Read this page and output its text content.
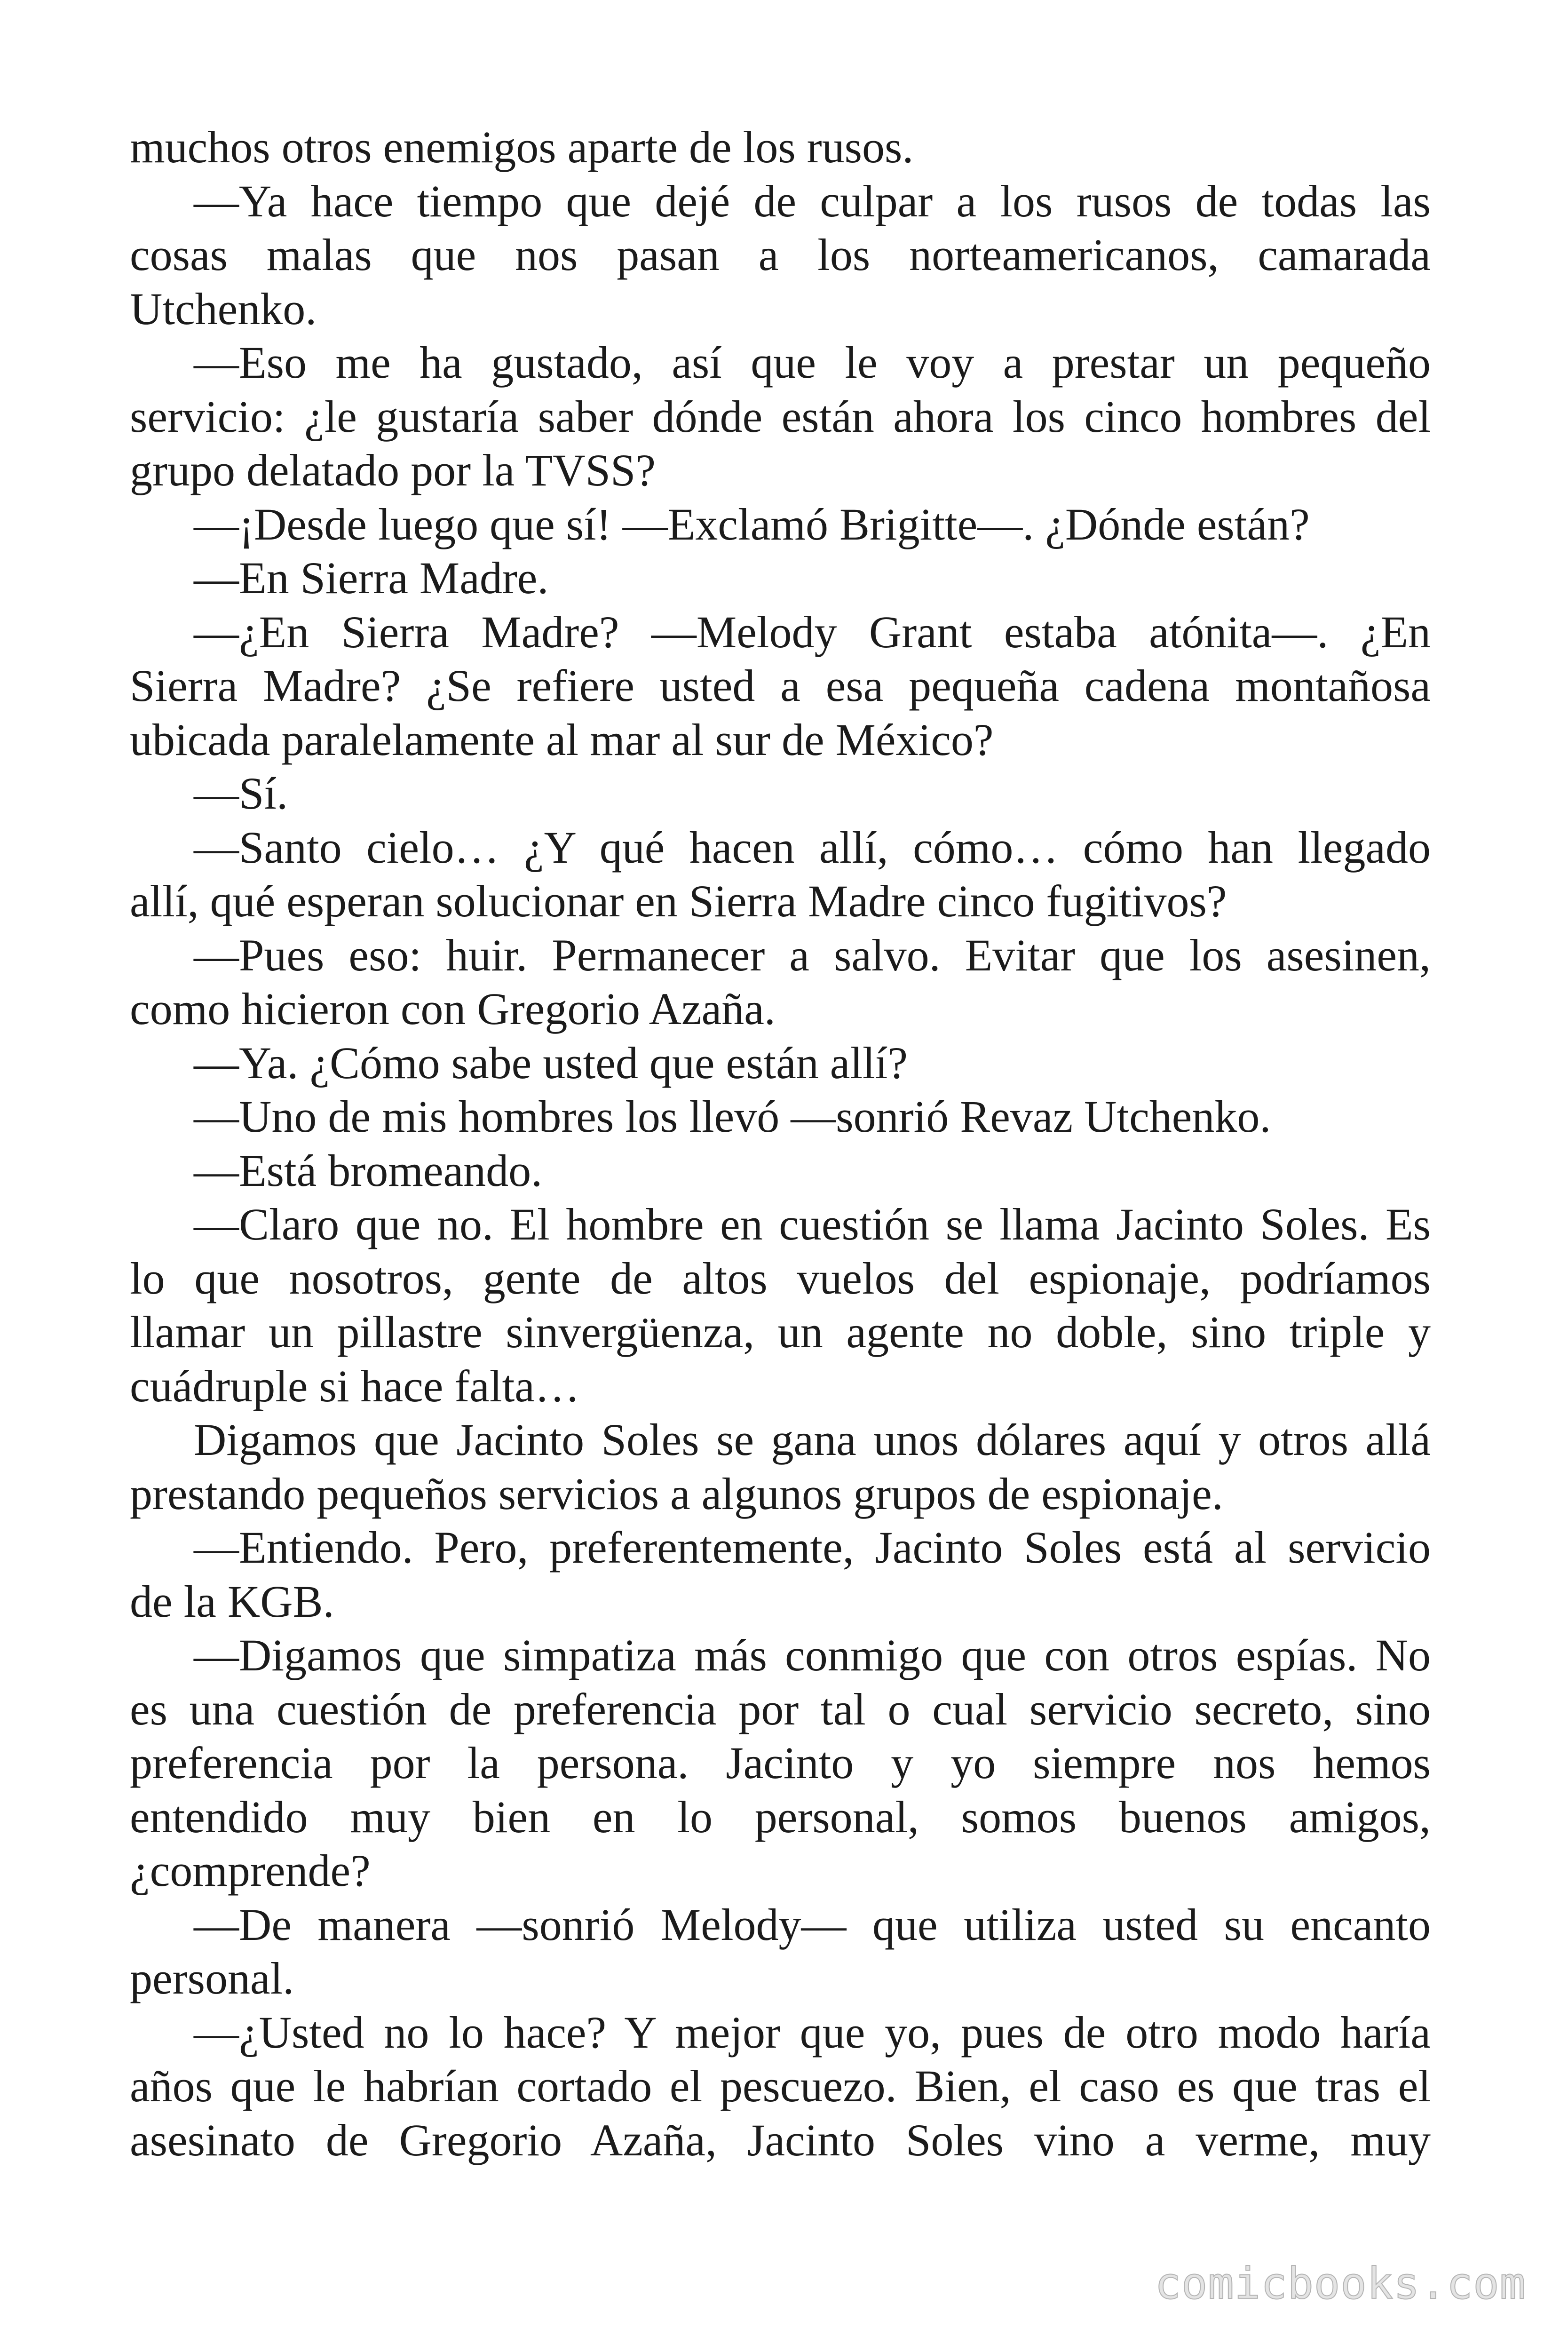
muchos otros enemigos aparte de los rusos.
—Ya hace tiempo que dejé de culpar a los rusos de todas las
cosas malas que nos pasan a los norteamericanos, camarada
Utchenko.
—Eso me ha gustado, así que le voy a prestar un pequeño
servicio: ¿le gustaría saber dónde están ahora los cinco hombres del
grupo delatado por la TVSS?
—¡Desde luego que sí! —Exclamó Brigitte—. ¿Dónde están?
—En Sierra Madre.
—¿En Sierra Madre? —Melody Grant estaba atónita—. ¿En
Sierra Madre? ¿Se refiere usted a esa pequeña cadena montañosa
ubicada paralelamente al mar al sur de México?
—Sí.
—Santo cielo… ¿Y qué hacen allí, cómo… cómo han llegado
allí, qué esperan solucionar en Sierra Madre cinco fugitivos?
—Pues eso: huir. Permanecer a salvo. Evitar que los asesinen,
como hicieron con Gregorio Azaña.
—Ya. ¿Cómo sabe usted que están allí?
—Uno de mis hombres los llevó —sonrió Revaz Utchenko.
—Está bromeando.
—Claro que no. El hombre en cuestión se llama Jacinto Soles. Es
lo que nosotros, gente de altos vuelos del espionaje, podríamos
llamar un pillastre sinvergüenza, un agente no doble, sino triple y
cuádruple si hace falta…
Digamos que Jacinto Soles se gana unos dólares aquí y otros allá
prestando pequeños servicios a algunos grupos de espionaje.
—Entiendo. Pero, preferentemente, Jacinto Soles está al servicio
de la KGB.
—Digamos que simpatiza más conmigo que con otros espías. No
es una cuestión de preferencia por tal o cual servicio secreto, sino
preferencia por la persona. Jacinto y yo siempre nos hemos
entendido muy bien en lo personal, somos buenos amigos,
¿comprende?
—De manera —sonrió Melody— que utiliza usted su encanto
personal.
—¿Usted no lo hace? Y mejor que yo, pues de otro modo haría
años que le habrían cortado el pescuezo. Bien, el caso es que tras el
asesinato de Gregorio Azaña, Jacinto Soles vino a verme, muy
comicbooks.com
